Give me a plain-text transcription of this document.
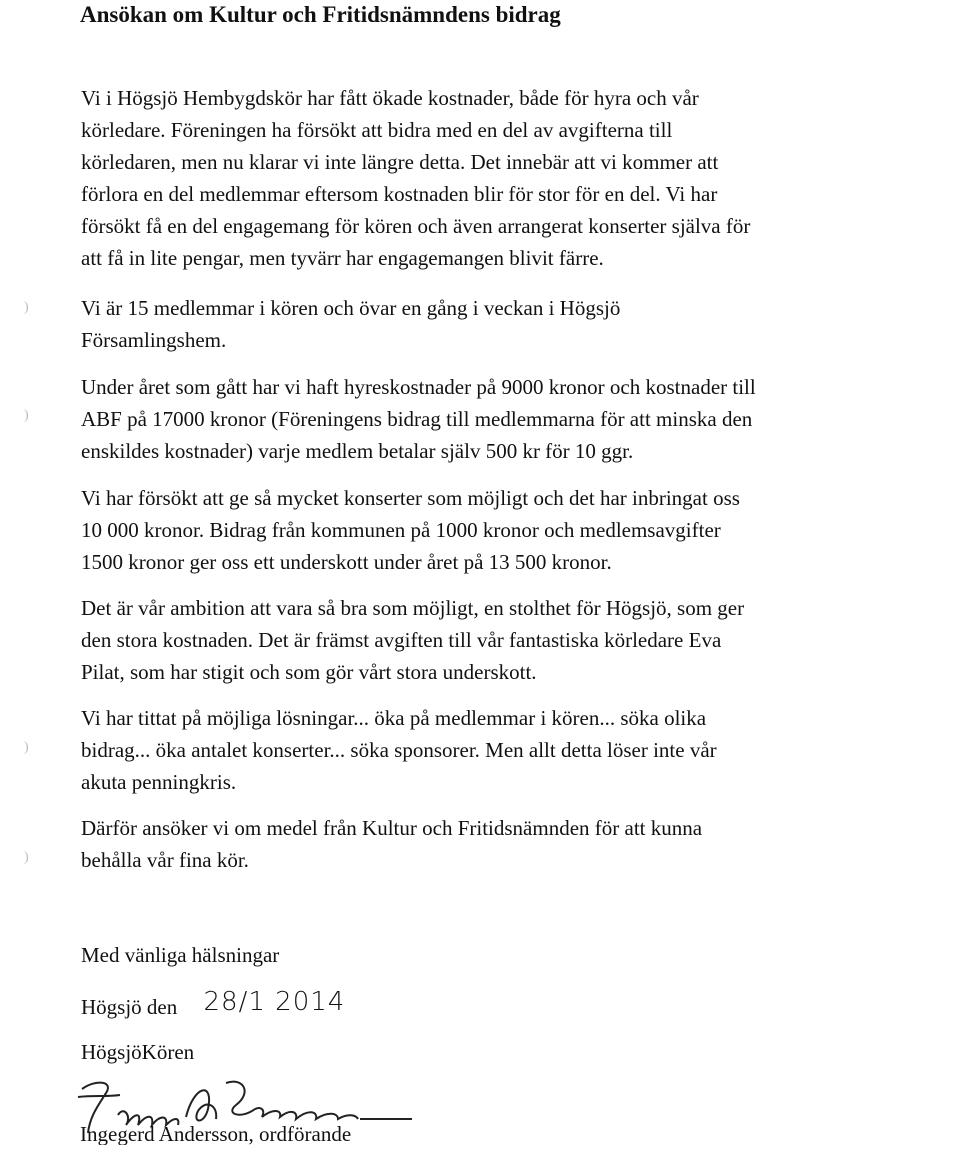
Ansökan om Kultur och Fritidsnämndens bidrag

Vi i Högsjö Hembygdskör har fått ökade kostnader, både för hyra och vår
körledare. Föreningen ha försökt att bidra med en del av avgifterna till
körledaren, men nu klarar vi inte längre detta. Det innebär att vi kommer att
förlora en del medlemmar eftersom kostnaden blir för stor för en del. Vi har
försökt få en del engagemang för kören och även arrangerat konserter själva för
att få in lite pengar, men tyvärr har engagemangen blivit färre.

Vi är 15 medlemmar i kören och övar en gång i veckan i Högsjö
Församlingshem.

Under året som gått har vi haft hyreskostnader på 9000 kronor och kostnader till
ABF på 17000 kronor (Föreningens bidrag till medlemmarna för att minska den
enskildes kostnader) varje medlem betalar själv 500 kr för 10 ggr.

Vi har försökt att ge så mycket konserter som möjligt och det har inbringat oss
10 000 kronor. Bidrag från kommunen på 1000 kronor och medlemsavgifter
1500 kronor ger oss ett underskott under året på 13 500 kronor.

Det är vår ambition att vara så bra som möjligt, en stolthet för Högsjö, som ger
den stora kostnaden. Det är främst avgiften till vår fantastiska körledare Eva
Pilat, som har stigit och som gör vårt stora underskott.

Vi har tittat på möjliga lösningar... öka på medlemmar i kören... söka olika
bidrag... öka antalet konserter... söka sponsorer. Men allt detta löser inte vår
akuta penningkris.

Därför ansöker vi om medel från Kultur och Fritidsnämnden för att kunna
behålla vår fina kör.

Med vänliga hälsningar

Högsjö den 28/1 2014

HögsjöKören

Ingegerd Andersson, ordförande
)
)
)
)
